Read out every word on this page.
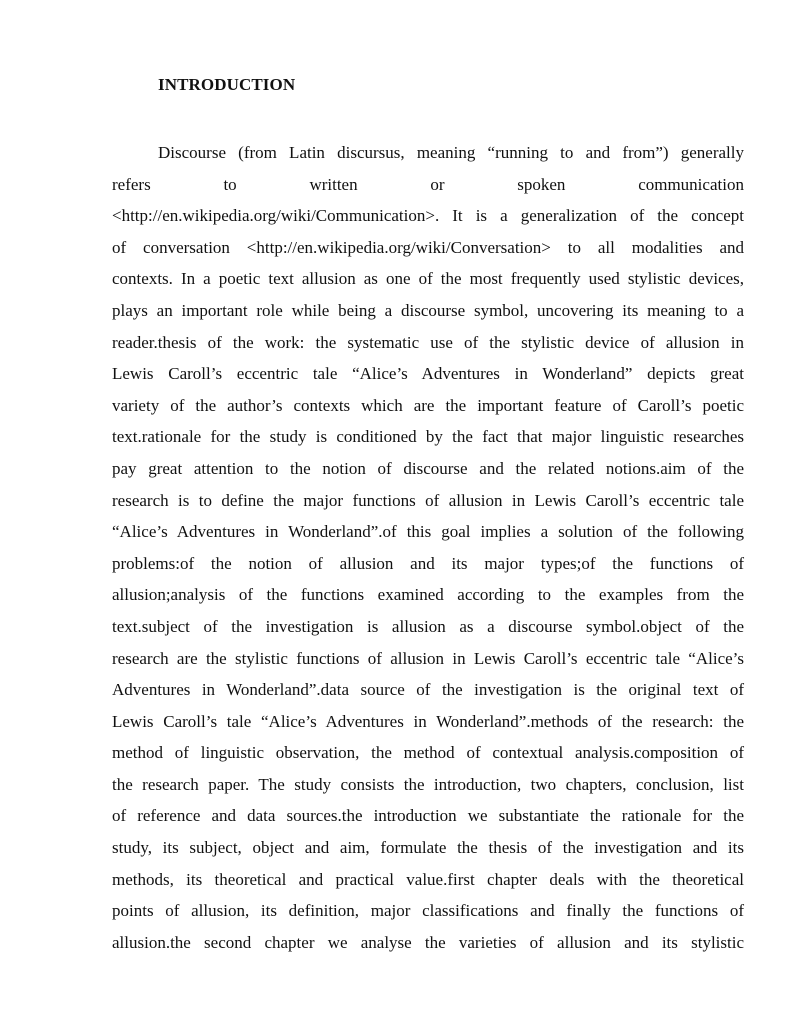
INTRODUCTION
Discourse (from Latin discursus, meaning “running to and from”) generally
refers	to	written	or	spoken	communication
<http://en.wikipedia.org/wiki/Communication>. It is a generalization of the concept
of conversation <http://en.wikipedia.org/wiki/Conversation> to all modalities and
contexts. In a poetic text allusion as one of the most frequently used stylistic devices,
plays an important role while being a discourse symbol, uncovering its meaning to a
reader.thesis of the work: the systematic use of the stylistic device of allusion in
Lewis Caroll’s eccentric tale “Alice’s Adventures in Wonderland” depicts great
variety of the author’s contexts which are the important feature of Caroll’s poetic
text.rationale for the study is conditioned by the fact that major linguistic researches
pay great attention to the notion of discourse and the related notions.aim of the
research is to define the major functions of allusion in Lewis Caroll’s eccentric tale
“Alice’s Adventures in Wonderland”.of this goal implies a solution of the following
problems:of the notion of allusion and its major types;of the functions of
allusion;analysis of the functions examined according to the examples from the
text.subject of the investigation is allusion as a discourse symbol.object of the
research are the stylistic functions of allusion in Lewis Caroll’s eccentric tale “Alice’s
Adventures in Wonderland”.data source of the investigation is the original text of
Lewis Caroll’s tale “Alice’s Adventures in Wonderland”.methods of the research: the
method of linguistic observation, the method of contextual analysis.composition of
the research paper. The study consists the introduction, two chapters, conclusion, list
of reference and data sources.the introduction we substantiate the rationale for the
study, its subject, object and aim, formulate the thesis of the investigation and its
methods, its theoretical and practical value.first chapter deals with the theoretical
points of allusion, its definition, major classifications and finally the functions of
allusion.the second chapter we analyse the varieties of allusion and its stylistic
